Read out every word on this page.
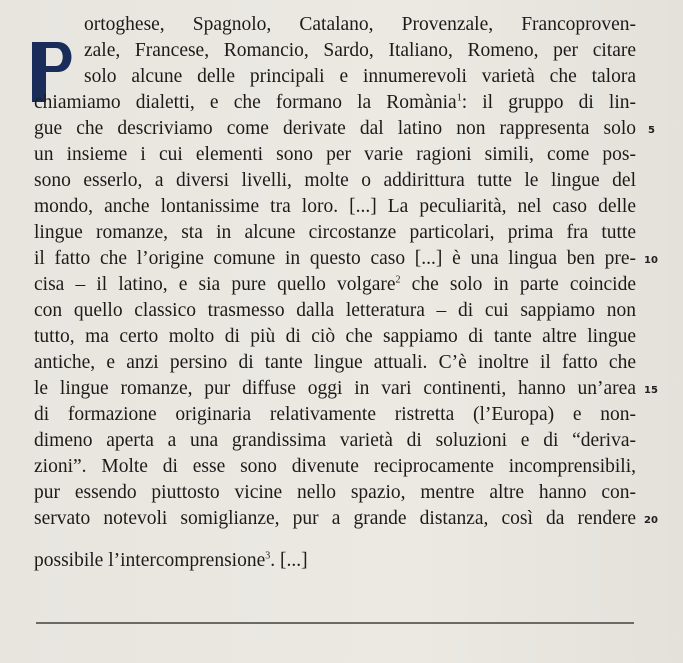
ortoghese, Spagnolo, Catalano, Provenzale, Francoproven-
zale, Francese, Romancio, Sardo, Italiano, Romeno, per citare
solo alcune delle principali e innumerevoli varietà che talora
chiamiamo dialetti, e che formano la Romània$^1$: il gruppo di lin-
gue che descriviamo come derivate dal latino non rappresenta solo
un insieme i cui elementi sono per varie ragioni simili, come pos-
sono esserlo, a diversi livelli, molte o addirittura tutte le lingue del
mondo, anche lontanissime tra loro. [...] La peculiarità, nel caso delle
lingue romanze, sta in alcune circostanze particolari, prima fra tutte
il fatto che l’origine comune in questo caso [...] è una lingua ben pre-
cisa – il latino, e sia pure quello volgare$^2$ che solo in parte coincide
con quello classico trasmesso dalla letteratura – di cui sappiamo non
tutto, ma certo molto di più di ciò che sappiamo di tante altre lingue
antiche, e anzi persino di tante lingue attuali. C’è inoltre il fatto che
le lingue romanze, pur diffuse oggi in vari continenti, hanno un’area
di formazione originaria relativamente ristretta (l’Europa) e non-
dimeno aperta a una grandissima varietà di soluzioni e di “deriva-
zioni”. Molte di esse sono divenute reciprocamente incomprensibili,
pur essendo piuttosto vicine nello spazio, mentre altre hanno con-
servato notevoli somiglianze, pur a grande distanza, così da rendere
possibile l’intercomprensione$^3$. [...]
5
10
15
20
